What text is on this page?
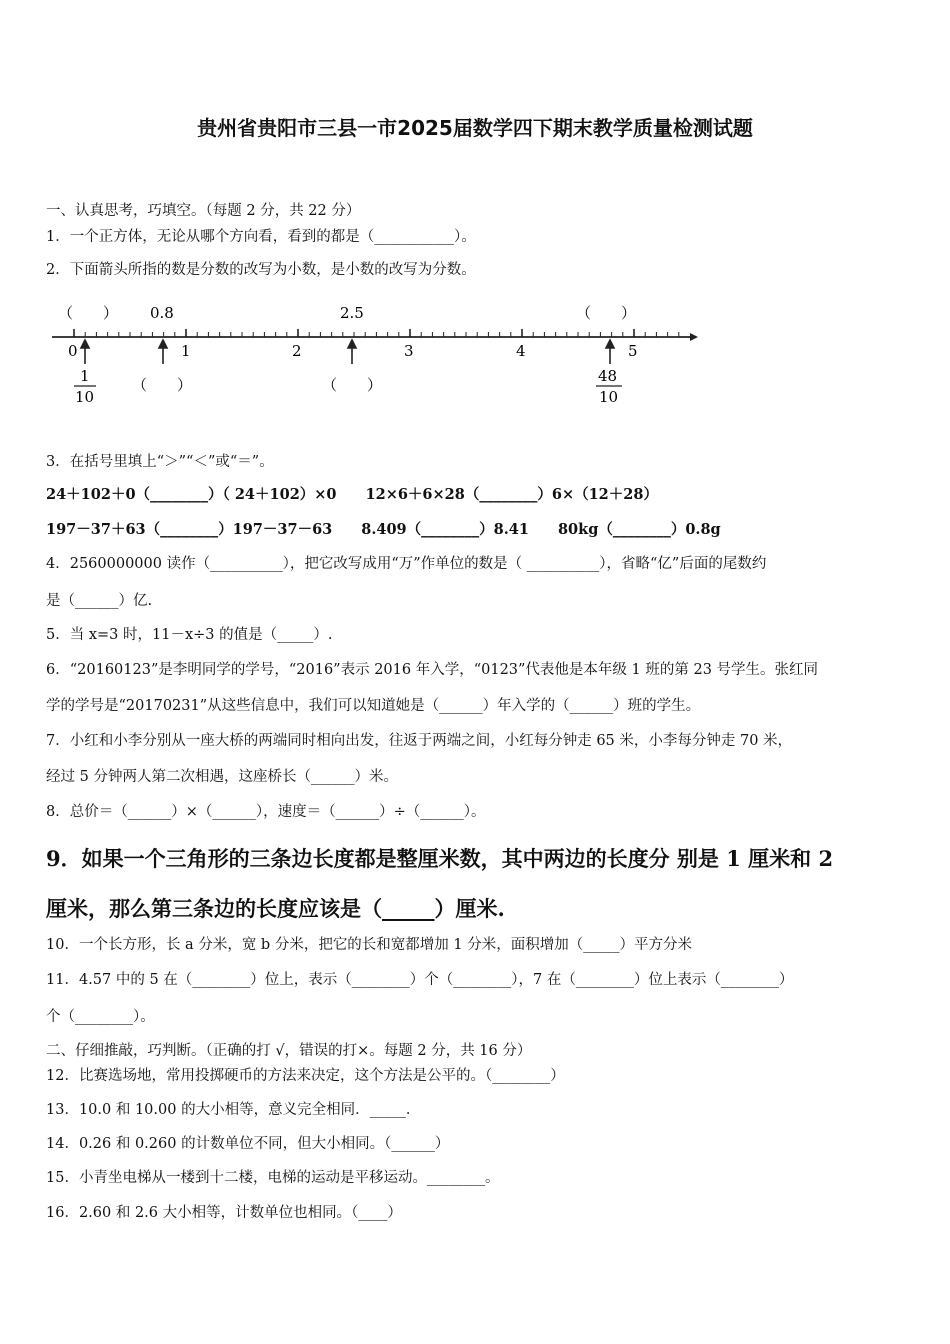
贵州省贵阳市三县一市2025届数学四下期末教学质量检测试题
一、认真思考，巧填空。（每题 2 分，共 22 分）
1．一个正方体，无论从哪个方向看，看到的都是（___________）。
2．下面箭头所指的数是分数的改写为小数，是小数的改写为分数。
（　　） 0.8	2.5	（　　）
0	1	2	3	4	5
1
10
（　　）	（　　）	48
10
3．在括号里填上“＞”“＜”或“＝”。
24＋102＋0（________）（ 24＋102）×0　　12×6＋6×28（________）6×（12＋28）
197－37＋63（________）197－37－63　　8.409（________）8.41　　80kg（________）0.8g
4．2560000000 读作（__________），把它改写成用“万”作单位的数是（ __________），省略“亿”后面的尾数约
是（______）亿.
5．当 x=3 时，11－x÷3 的值是（_____）.
6．“20160123”是李明同学的学号，“2016”表示 2016 年入学，“0123”代表他是本年级 1 班的第 23 号学生。张红同
学的学号是“20170231”从这些信息中，我们可以知道她是（______）年入学的（______）班的学生。
7．小红和小李分别从一座大桥的两端同时相向出发，往返于两端之间，小红每分钟走 65 米，小李每分钟走 70 米，
经过 5 分钟两人第二次相遇，这座桥长（______）米。
8．总价＝（______）×（______），速度＝（______）÷（______）。
9．如果一个三角形的三条边长度都是整厘米数，其中两边的长度分 别是 1 厘米和 2
厘米，那么第三条边的长度应该是（_____）厘米.
10．一个长方形，长 a 分米，宽 b 分米，把它的长和宽都增加 1 分米，面积增加（_____）平方分米
11．4.57 中的 5 在（________）位上，表示（________）个（________），7 在（________）位上表示（________）
个（________）。
二、仔细推敲，巧判断。（正确的打 √，错误的打×。每题 2 分，共 16 分）
12．比赛选场地，常用投掷硬币的方法来决定，这个方法是公平的。（________）
13．10.0 和 10.00 的大小相等，意义完全相同．_____．
14．0.26 和 0.260 的计数单位不同，但大小相同。（______）
15．小青坐电梯从一楼到十二楼，电梯的运动是平移运动。________。
16．2.60 和 2.6 大小相等，计数单位也相同。（____）
